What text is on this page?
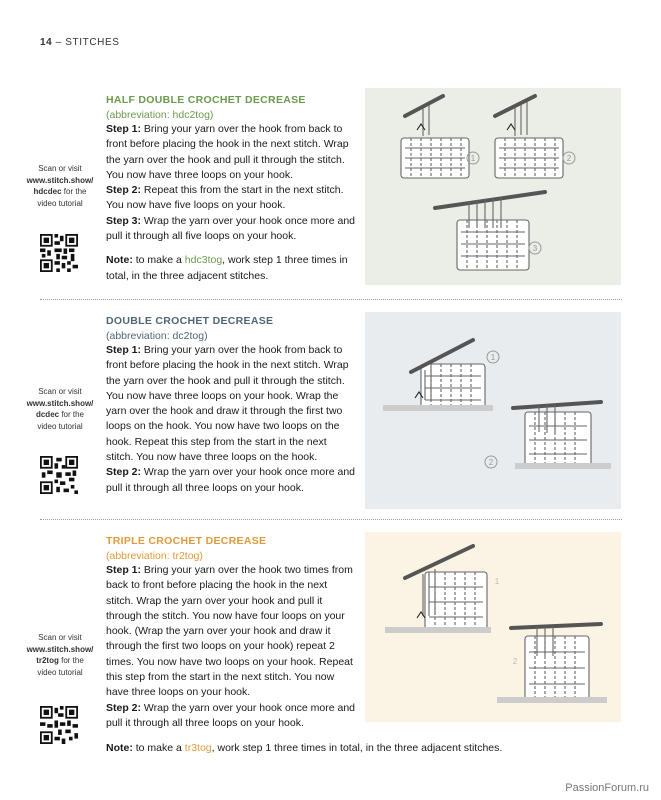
14 – STITCHES
HALF DOUBLE CROCHET DECREASE
(abbreviation: hdc2tog)

Step 1: Bring your yarn over the hook from back to front before placing the hook in the next stitch. Wrap the yarn over the hook and pull it through the stitch. You now have three loops on your hook.

Step 2: Repeat this from the start in the next stitch. You now have five loops on your hook.

Step 3: Wrap the yarn over your hook once more and pull it through all five loops on your hook.

Note: to make a hdc3tog, work step 1 three times in total, in the three adjacent stitches.

Scan or visit
www.stitch.show/
hdcdec for the
video tutorial
1	2
3
DOUBLE CROCHET DECREASE
(abbreviation: dc2tog)

Step 1: Bring your yarn over the hook from back to front before placing the hook in the next stitch. Wrap the yarn over the hook and pull it through the stitch. You now have three loops on your hook. Wrap the yarn over the hook and draw it through the first two loops on the hook. You now have two loops on the hook. Repeat this step from the start in the next stitch. You now have three loops on the hook.

Step 2: Wrap the yarn over your hook once more and pull it through all three loops on your hook.

Scan or visit
www.stitch.show/
dcdec for the
video tutorial
1
2
TRIPLE CROCHET DECREASE
(abbreviation: tr2tog)

Step 1: Bring your yarn over the hook two times from back to front before placing the hook in the next stitch. Wrap the yarn over your hook and pull it through the stitch. You now have four loops on your hook. (Wrap the yarn over your hook and draw it through the first two loops on your hook) repeat 2 times. You now have two loops on your hook. Repeat this step from the start in the next stitch. You now have three loops on your hook.

Step 2: Wrap the yarn over your hook once more and pull it through all three loops on your hook.

Scan or visit
www.stitch.show/
tr2tog for the
video tutorial
1
2
Note: to make a tr3tog, work step 1 three times in total, in the three adjacent stitches.
PassionForum.ru
